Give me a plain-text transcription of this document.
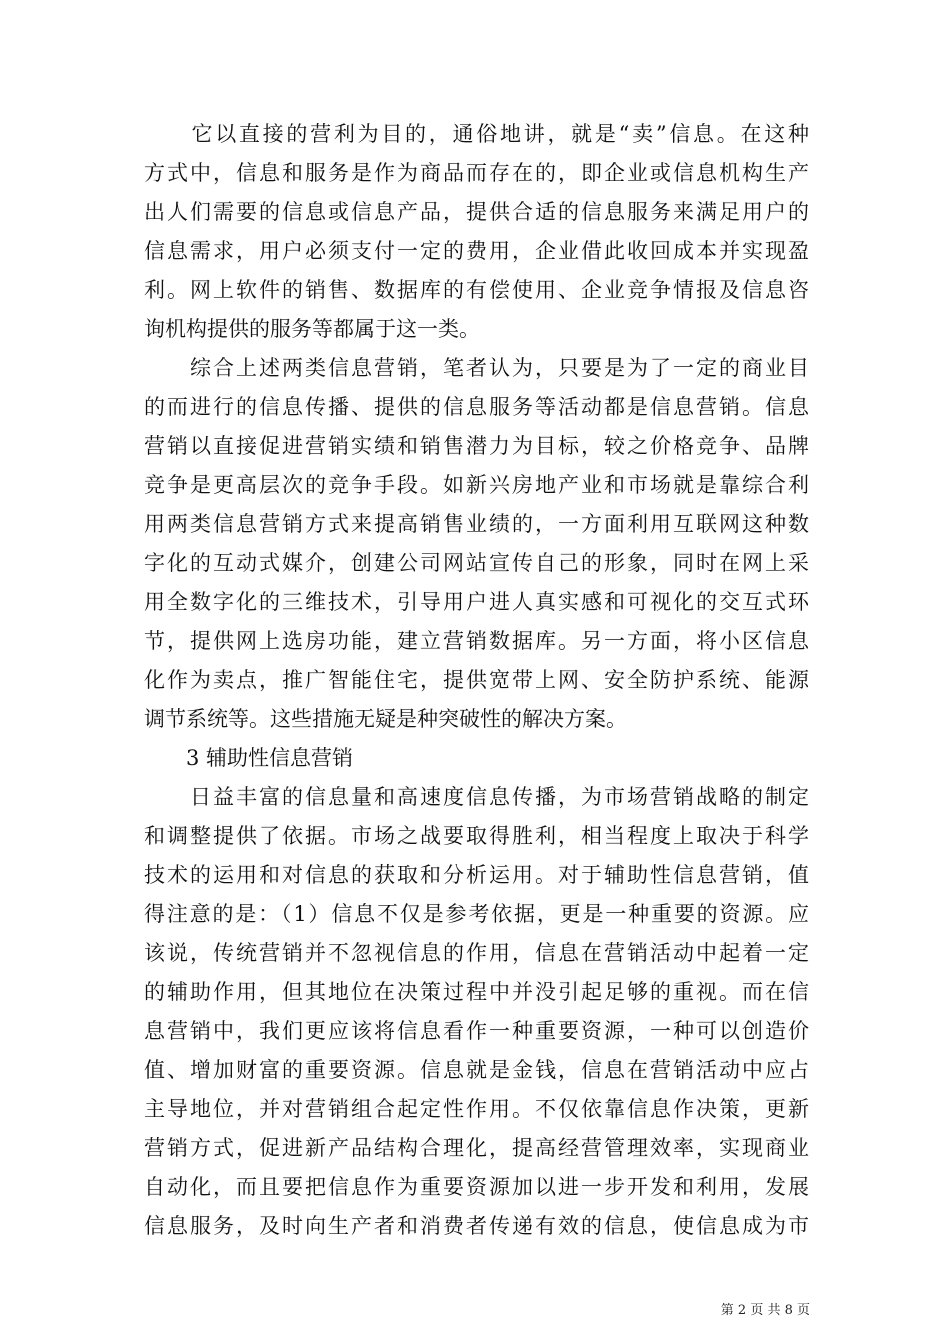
　　它以直接的营利为目的，通俗地讲，就是“卖”信息。在这种
方式中，信息和服务是作为商品而存在的，即企业或信息机构生产
出人们需要的信息或信息产品，提供合适的信息服务来满足用户的
信息需求，用户必须支付一定的费用，企业借此收回成本并实现盈
利。网上软件的销售、数据库的有偿使用、企业竞争情报及信息咨
询机构提供的服务等都属于这一类。
　　综合上述两类信息营销，笔者认为，只要是为了一定的商业目
的而进行的信息传播、提供的信息服务等活动都是信息营销。信息
营销以直接促进营销实绩和销售潜力为目标，较之价格竞争、品牌
竞争是更高层次的竞争手段。如新兴房地产业和市场就是靠综合利
用两类信息营销方式来提高销售业绩的，一方面利用互联网这种数
字化的互动式媒介，创建公司网站宣传自己的形象，同时在网上采
用全数字化的三维技术，引导用户进人真实感和可视化的交互式环
节，提供网上选房功能，建立营销数据库。另一方面，将小区信息
化作为卖点，推广智能住宅，提供宽带上网、安全防护系统、能源
调节系统等。这些措施无疑是种突破性的解决方案。
　　3 辅助性信息营销
　　日益丰富的信息量和高速度信息传播，为市场营销战略的制定
和调整提供了依据。市场之战要取得胜利，相当程度上取决于科学
技术的运用和对信息的获取和分析运用。对于辅助性信息营销，值
得注意的是：（1）信息不仅是参考依据，更是一种重要的资源。应
该说，传统营销并不忽视信息的作用，信息在营销活动中起着一定
的辅助作用，但其地位在决策过程中并没引起足够的重视。而在信
息营销中，我们更应该将信息看作一种重要资源，一种可以创造价
值、增加财富的重要资源。信息就是金钱，信息在营销活动中应占
主导地位，并对营销组合起定性作用。不仅依靠信息作决策，更新
营销方式，促进新产品结构合理化，提高经营管理效率，实现商业
自动化，而且要把信息作为重要资源加以进一步开发和利用，发展
信息服务，及时向生产者和消费者传递有效的信息，使信息成为市
第 2 页 共 8 页
